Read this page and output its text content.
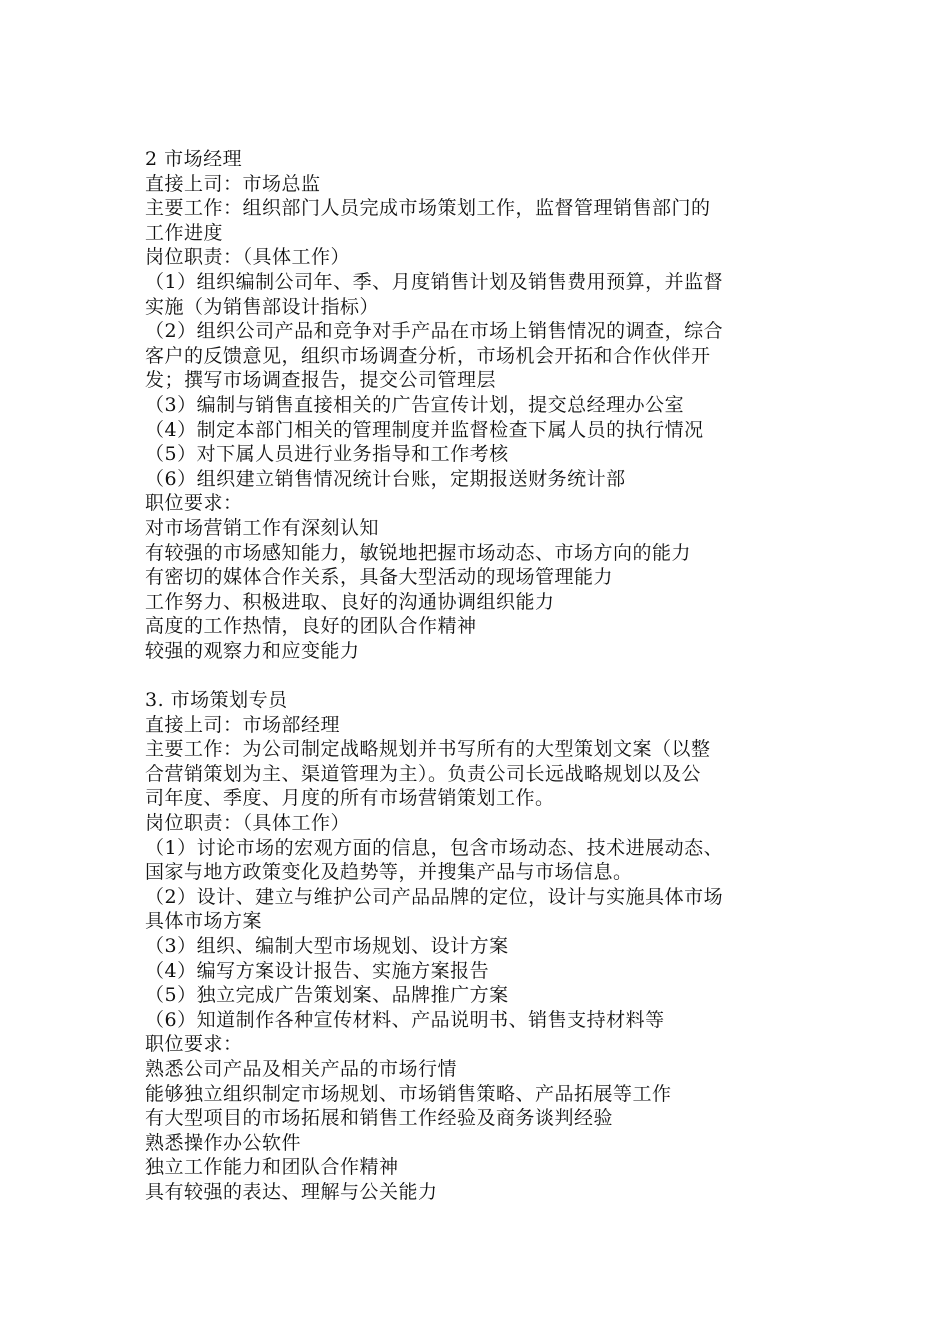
2 市场经理
直接上司：市场总监
主要工作：组织部门人员完成市场策划工作，监督管理销售部门的
工作进度
岗位职责：（具体工作）
（1）组织编制公司年、季、月度销售计划及销售费用预算，并监督
实施（为销售部设计指标）
（2）组织公司产品和竞争对手产品在市场上销售情况的调查，综合
客户的反馈意见，组织市场调查分析，市场机会开拓和合作伙伴开
发；撰写市场调查报告，提交公司管理层
（3）编制与销售直接相关的广告宣传计划，提交总经理办公室
（4）制定本部门相关的管理制度并监督检查下属人员的执行情况
（5）对下属人员进行业务指导和工作考核
（6）组织建立销售情况统计台账，定期报送财务统计部
职位要求：
对市场营销工作有深刻认知
有较强的市场感知能力，敏锐地把握市场动态、市场方向的能力
有密切的媒体合作关系，具备大型活动的现场管理能力
工作努力、积极进取、良好的沟通协调组织能力
高度的工作热情，良好的团队合作精神
较强的观察力和应变能力
3. 市场策划专员
直接上司：市场部经理
主要工作：为公司制定战略规划并书写所有的大型策划文案（以整
合营销策划为主、渠道管理为主）。负责公司长远战略规划以及公
司年度、季度、月度的所有市场营销策划工作。
岗位职责：（具体工作）
（1）讨论市场的宏观方面的信息，包含市场动态、技术进展动态、
国家与地方政策变化及趋势等，并搜集产品与市场信息。
（2）设计、建立与维护公司产品品牌的定位，设计与实施具体市场
具体市场方案
（3）组织、编制大型市场规划、设计方案
（4）编写方案设计报告、实施方案报告
（5）独立完成广告策划案、品牌推广方案
（6）知道制作各种宣传材料、产品说明书、销售支持材料等
职位要求：
熟悉公司产品及相关产品的市场行情
能够独立组织制定市场规划、市场销售策略、产品拓展等工作
有大型项目的市场拓展和销售工作经验及商务谈判经验
熟悉操作办公软件
独立工作能力和团队合作精神
具有较强的表达、理解与公关能力
